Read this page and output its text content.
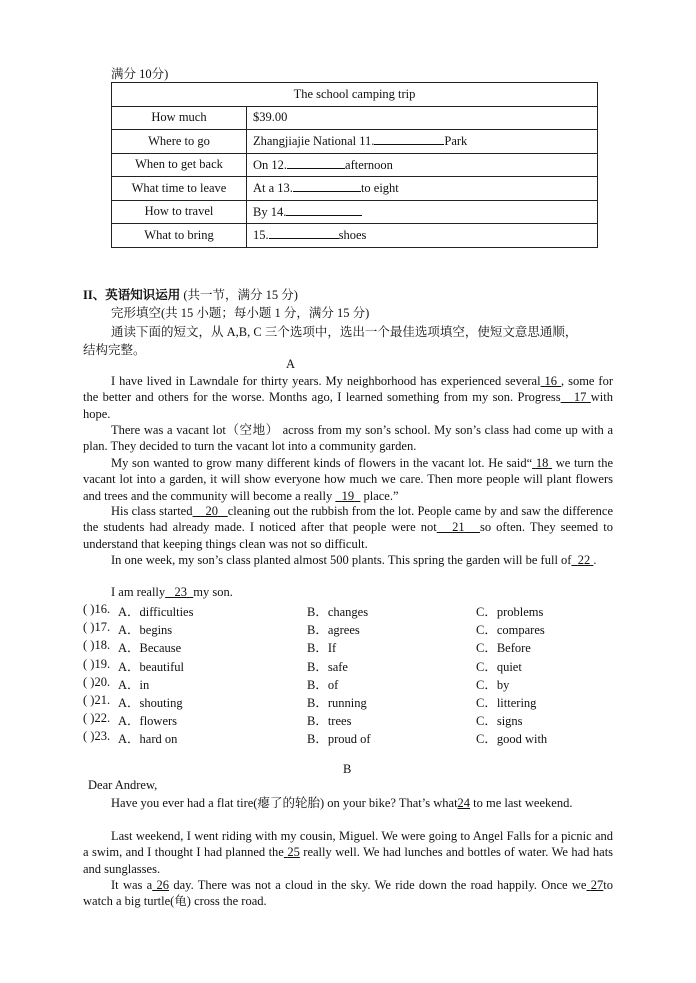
满分 10分)
The school camping trip	
How much	$39.00
Where to go	Zhangjiajie National 11. Park
When to get back	On 12. afternoon
What time to leave	At a 13. to eight
How to travel	By 14.
What to bring	15. shoes
II、英语知识运用 (共一节，满分 15 分)
完形填空(共 15 小题；每小题 1 分，满分 15 分)
通读下面的短文，从 A,B, C 三个选项中，选出一个最佳选项填空，使短文意思通顺，
结构完整。
A
I have lived in Lawndale for thirty years. My neighborhood has experienced several 16 , some for the better and others for the worse. Months ago, I learned something from my son. Progress 17 with hope.
There was a vacant lot（空地） across from my son’s school. My son’s class had come up with a plan. They decided to turn the vacant lot into a community garden.
My son wanted to grow many different kinds of flowers in the vacant lot. He said“ 18 we turn the vacant lot into a garden, it will show everyone how much we care. Then more people will plant flowers and trees and the community will become a really 19 place.”
His class started 20 cleaning out the rubbish from the lot. People came by and saw the difference the students had already made. I noticed after that people were not 21 so often. They seemed to understand that keeping things clean was not so difficult.
In one week, my son’s class planted almost 500 plants. This spring the garden will be full of 22 .
I am really 23 my son.
( )16. A．difficulties	B．changes	C．problems
( )17. A．begins	B．agrees	C．compares
( )18. A．Because	B．If	C．Before
( )19. A．beautiful	B．safe	C．quiet
( )20. A．in	B．of	C．by
( )21. A．shouting	B．running	C．littering
( )22. A．flowers	B．trees	C．signs
( )23. A．hard on	B．proud of	C．good with
B
Dear Andrew,
Have you ever had a flat tire(瘪了的轮胎) on your bike? That’s what24 to me last weekend.
Last weekend, I went riding with my cousin, Miguel. We were going to Angel Falls for a picnic and a swim, and I thought I had planned the 25 really well. We had lunches and bottles of water. We had hats and sunglasses.
It was a 26 day. There was not a cloud in the sky. We ride down the road happily. Once we 27to watch a big turtle(龟) cross the road.
